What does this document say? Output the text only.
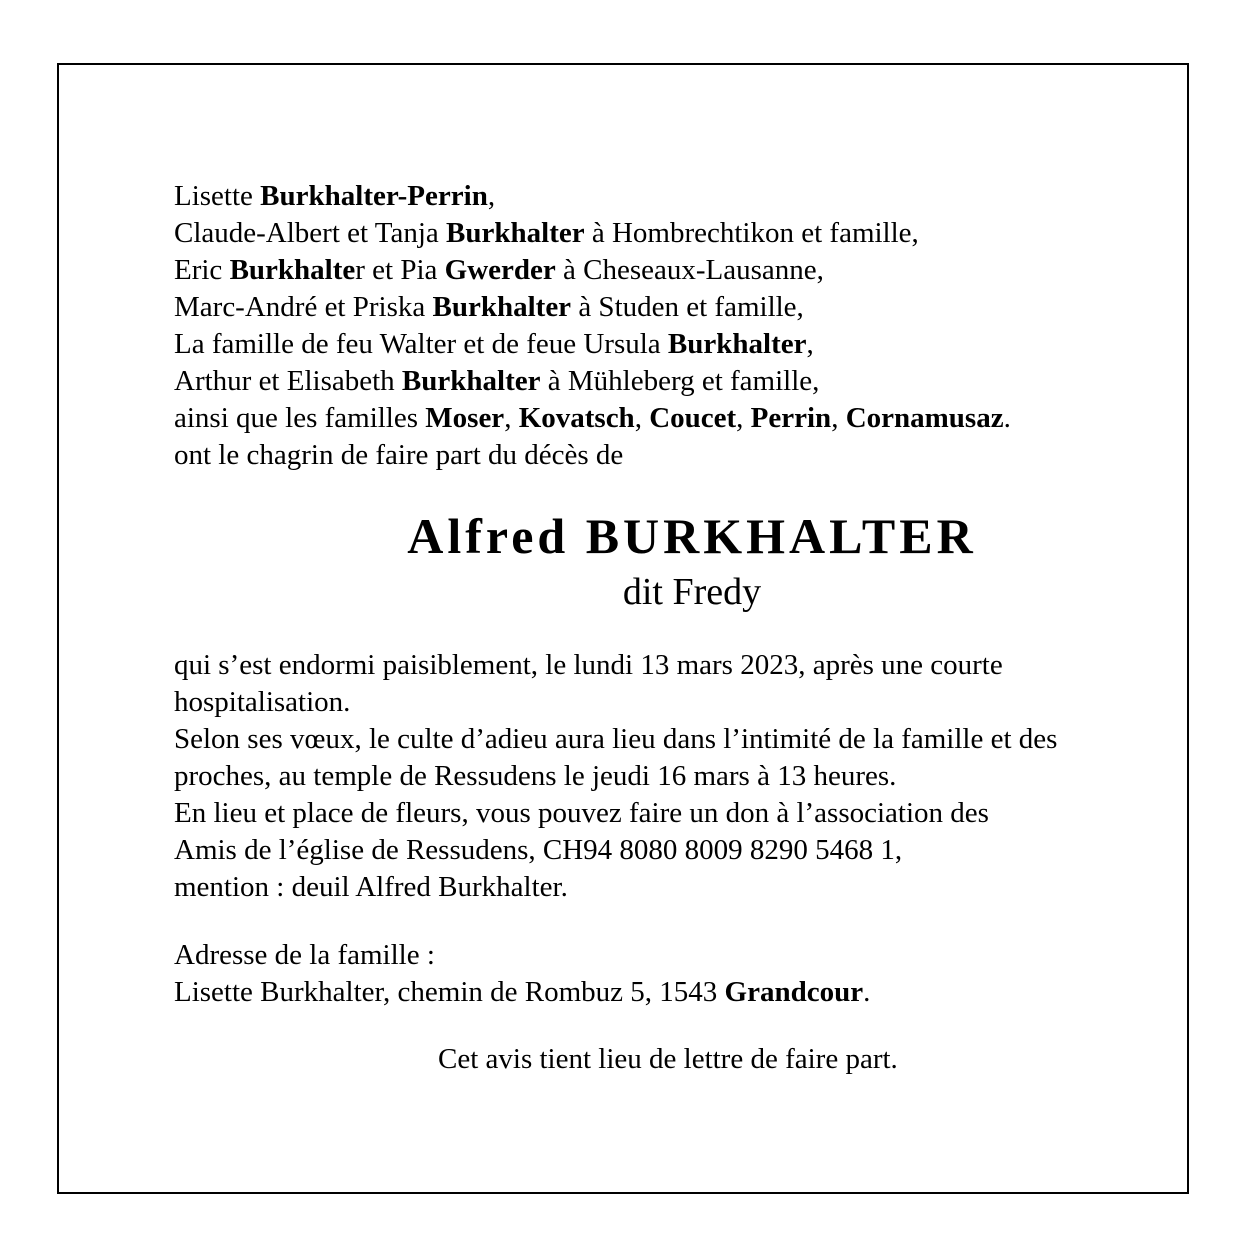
Lisette Burkhalter-Perrin,
Claude-Albert et Tanja Burkhalter à Hombrechtikon et famille,
Eric Burkhalter et Pia Gwerder à Cheseaux-Lausanne,
Marc-André et Priska Burkhalter à Studen et famille,
La famille de feu Walter et de feue Ursula Burkhalter,
Arthur et Elisabeth Burkhalter à Mühleberg et famille,
ainsi que les familles Moser, Kovatsch, Coucet, Perrin, Cornamusaz.
ont le chagrin de faire part du décès de
Alfred BURKHALTER
dit Fredy
qui s’est endormi paisiblement, le lundi 13 mars 2023, après une courte
hospitalisation.
Selon ses vœux, le culte d’adieu aura lieu dans l’intimité de la famille et des
proches, au temple de Ressudens le jeudi 16 mars à 13 heures.
En lieu et place de fleurs, vous pouvez faire un don à l’association des
Amis de l’église de Ressudens, CH94 8080 8009 8290 5468 1,
mention : deuil Alfred Burkhalter.
Adresse de la famille :
Lisette Burkhalter, chemin de Rombuz 5, 1543 Grandcour.
Cet avis tient lieu de lettre de faire part.
